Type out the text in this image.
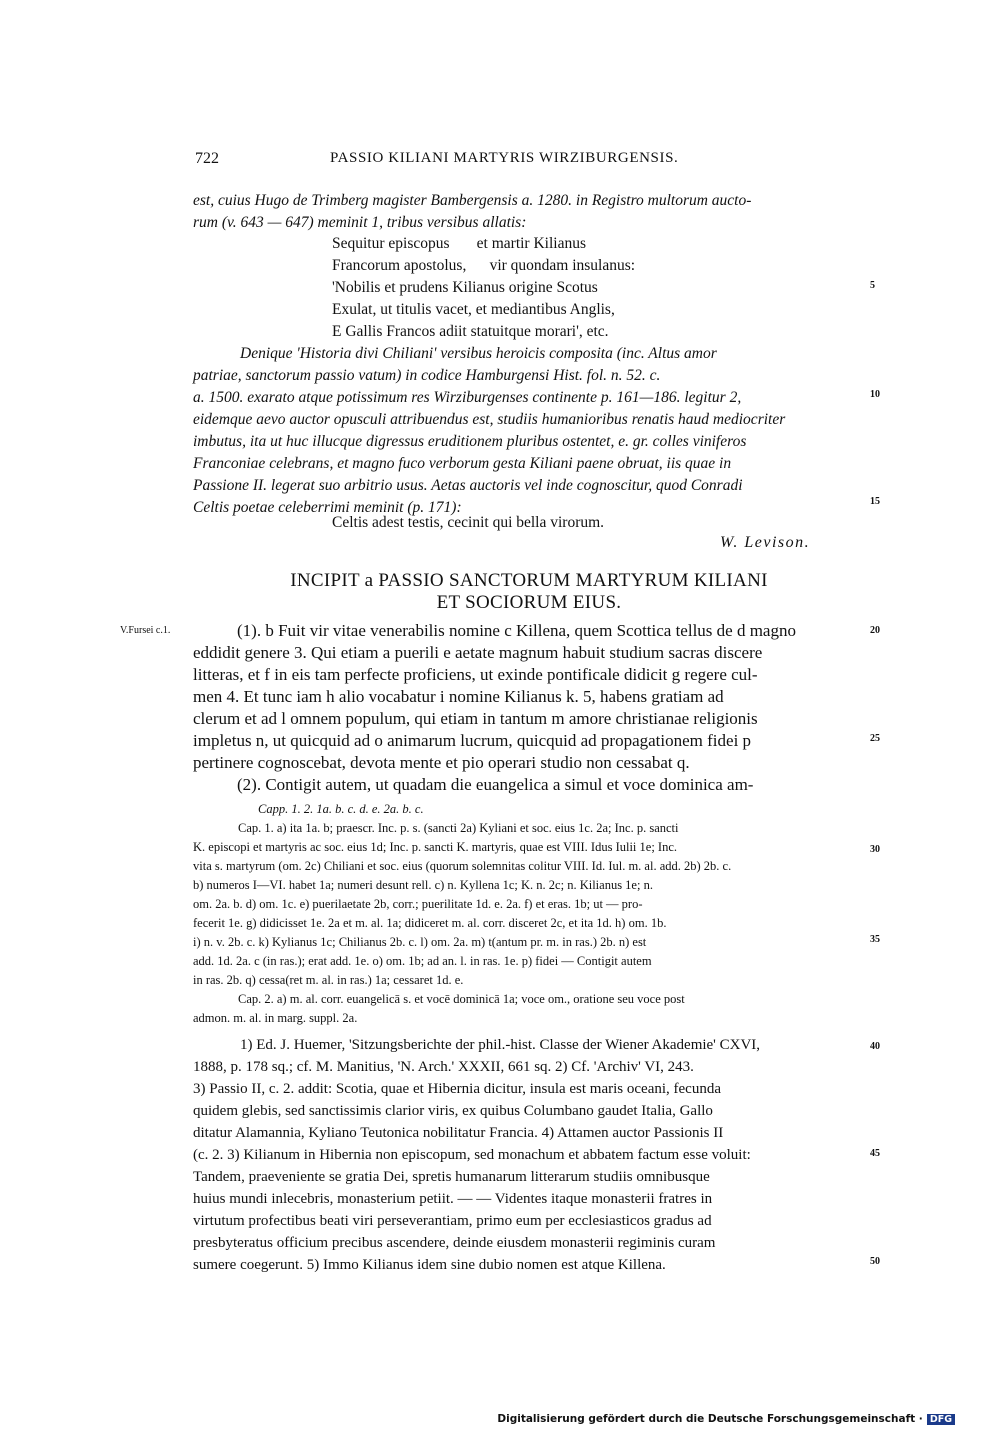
722	PASSIO KILIANI MARTYRIS WIRZIBURGENSIS.
est, cuius Hugo de Trimberg magister Bambergensis a. 1280. in Registro multorum aucto-
rum (v. 643 — 647) meminit 1, tribus versibus allatis:
Sequitur episcopus       et martir Kilianus
Francorum apostolus,      vir quondam insulanus:
'Nobilis et prudens Kilianus origine Scotus
Exulat, ut titulis vacet, et mediantibus Anglis,
E Gallis Francos adiit statuitque morari', etc.
Denique 'Historia divi Chiliani' versibus heroicis composita (inc. Altus amor
patriae, sanctorum passio vatum) in codice Hamburgensi Hist. fol. n. 52. c.
a. 1500. exarato atque potissimum res Wirziburgenses continente p. 161—186. legitur 2,
eidemque aevo auctor opusculi attribuendus est, studiis humanioribus renatis haud mediocriter
imbutus, ita ut huc illucque digressus eruditionem pluribus ostentet, e. gr. colles viniferos
Franconiae celebrans, et magno fuco verborum gesta Kiliani paene obruat, iis quae in
Passione II. legerat suo arbitrio usus. Aetas auctoris vel inde cognoscitur, quod Conradi
Celtis poetae celeberrimi meminit (p. 171):
Celtis adest testis, cecinit qui bella virorum.
W. Levison.
INCIPIT a PASSIO SANCTORUM MARTYRUM KILIANI
ET SOCIORUM EIUS.
V.Fursei c.1.	(1). b Fuit vir vitae venerabilis nomine c Killena, quem Scottica tellus de d magno
eddidit genere 3. Qui etiam a puerili e aetate magnum habuit studium sacras discere
litteras, et f in eis tam perfecte proficiens, ut exinde pontificale didicit g regere cul-
men 4. Et tunc iam h alio vocabatur i nomine Kilianus k. 5, habens gratiam ad
clerum et ad l omnem populum, qui etiam in tantum m amore christianae religionis
impletus n, ut quicquid ad o animarum lucrum, quicquid ad propagationem fidei p
pertinere cognoscebat, devota mente et pio operari studio non cessabat q.
(2). Contigit autem, ut quadam die euangelica a simul et voce dominica am-
Capp. 1. 2. 1a. b. c. d. e. 2a. b. c.
Cap. 1. a) ita 1a. b; praescr. Inc. p. s. (sancti 2a) Kyliani et soc. eius 1c. 2a; Inc. p. sancti
K. episcopi et martyris ac soc. eius 1d; Inc. p. sancti K. martyris, quae est VIII. Idus Iulii 1e; Inc.
vita s. martyrum (om. 2c) Chiliani et soc. eius (quorum solemnitas colitur VIII. Id. Iul. m. al. add. 2b) 2b. c.
b) numeros I—VI. habet 1a; numeri desunt rell. c) n. Kyllena 1c; K. n. 2c; n. Kilianus 1e; n.
om. 2a. b. d) om. 1c. e) puerilaetate 2b, corr.; puerilitate 1d. e. 2a. f) et eras. 1b; ut — pro-
fecerit 1e. g) didicisset 1e. 2a et m. al. 1a; didiceret m. al. corr. disceret 2c, et ita 1d. h) om. 1b.
i) n. v. 2b. c. k) Kylianus 1c; Chilianus 2b. c. l) om. 2a. m) t(antum pr. m. in ras.) 2b. n) est
add. 1d. 2a. c (in ras.); erat add. 1e. o) om. 1b; ad an. l. in ras. 1e. p) fidei — Contigit autem
in ras. 2b. q) cessa(ret m. al. in ras.) 1a; cessaret 1d. e.
Cap. 2. a) m. al. corr. euangelicā s. et vocē dominicā 1a; voce om., oratione seu voce post
admon. m. al. in marg. suppl. 2a.
1) Ed. J. Huemer, 'Sitzungsberichte der phil.-hist. Classe der Wiener Akademie' CXVI,
1888, p. 178 sq.; cf. M. Manitius, 'N. Arch.' XXXII, 661 sq. 2) Cf. 'Archiv' VI, 243.
3) Passio II, c. 2. addit: Scotia, quae et Hibernia dicitur, insula est maris oceani, fecunda
quidem glebis, sed sanctissimis clarior viris, ex quibus Columbano gaudet Italia, Gallo
ditatur Alamannia, Kyliano Teutonica nobilitatur Francia. 4) Attamen auctor Passionis II
(c. 2. 3) Kilianum in Hibernia non episcopum, sed monachum et abbatem factum esse voluit:
Tandem, praeveniente se gratia Dei, spretis humanarum litterarum studiis omnibusque
huius mundi inlecebris, monasterium petiit. — — Videntes itaque monasterii fratres in
virtutum profectibus beati viri perseverantiam, primo eum per ecclesiasticos gradus ad
presbyteratus officium precibus ascendere, deinde eiusdem monasterii regiminis curam
sumere coegerunt. 5) Immo Kilianus idem sine dubio nomen est atque Killena.
5
10
15
20
25
30
35
40
45
50
Digitalisierung gefördert durch die Deutsche Forschungsgemeinschaft · DFG
